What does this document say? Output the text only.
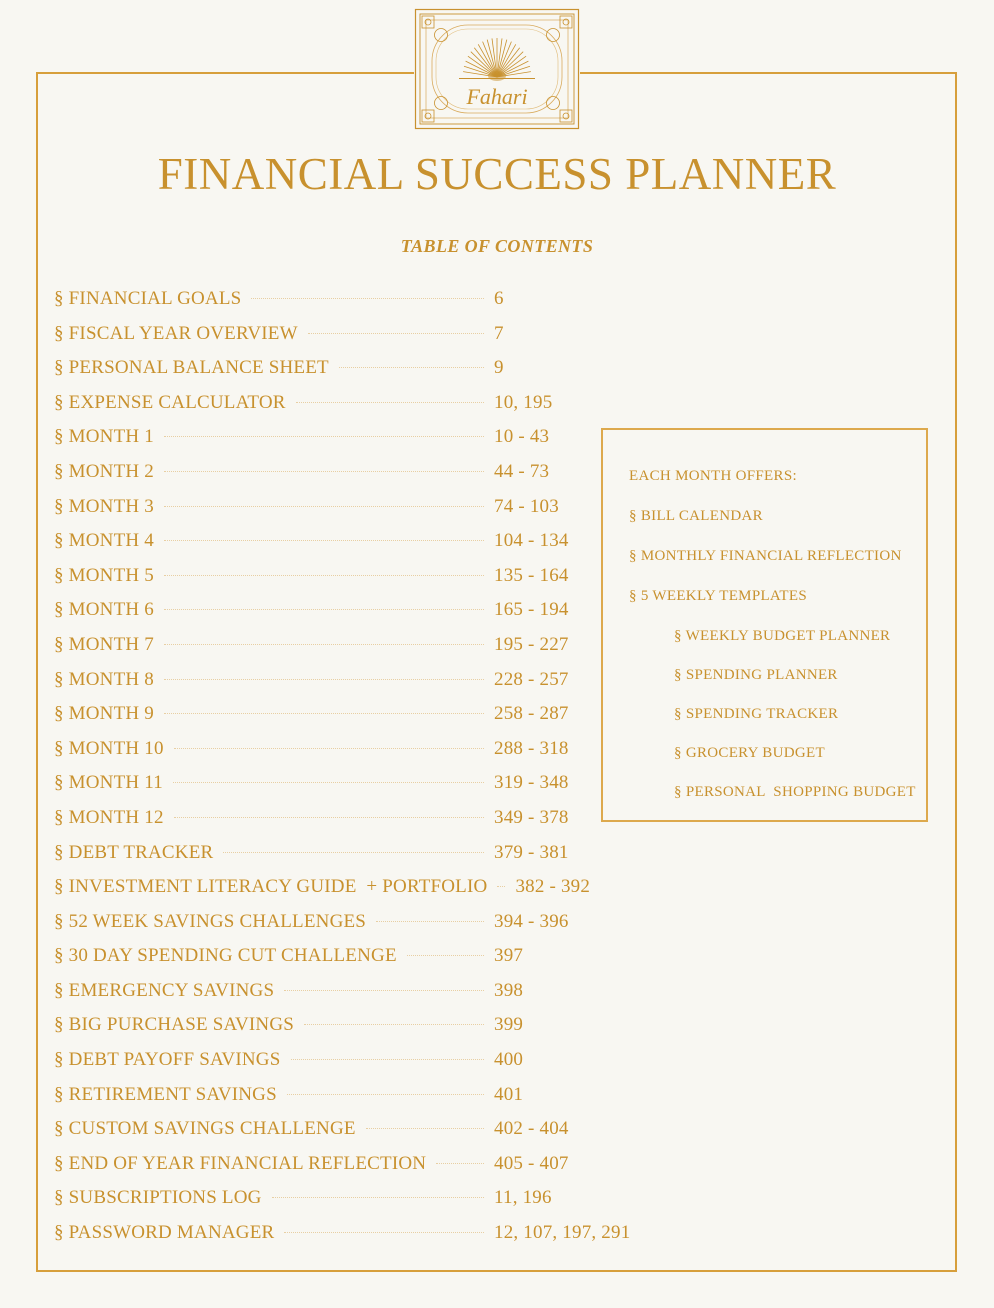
Fahari
FINANCIAL SUCCESS PLANNER
TABLE OF CONTENTS
§ FINANCIAL GOALS	6
§ FISCAL YEAR OVERVIEW	7
§ PERSONAL BALANCE SHEET	9
§ EXPENSE CALCULATOR	10, 195
§ MONTH 1	10 - 43
§ MONTH 2	44 - 73
§ MONTH 3	74 - 103
§ MONTH 4	104 - 134
§ MONTH 5	135 - 164
§ MONTH 6	165 - 194
§ MONTH 7	195 - 227
§ MONTH 8	228 - 257
§ MONTH 9	258 - 287
§ MONTH 10	288 - 318
§ MONTH 11	319 - 348
§ MONTH 12	349 - 378
§ DEBT TRACKER	379 - 381
§ INVESTMENT LITERACY GUIDE  + PORTFOLIO 382 - 392
§ 52 WEEK SAVINGS CHALLENGES	394 - 396
§ 30 DAY SPENDING CUT CHALLENGE	397
§ EMERGENCY SAVINGS	398
§ BIG PURCHASE SAVINGS	399
§ DEBT PAYOFF SAVINGS	400
§ RETIREMENT SAVINGS	401
§ CUSTOM SAVINGS CHALLENGE	402 - 404
§ END OF YEAR FINANCIAL REFLECTION	405 - 407
§ SUBSCRIPTIONS LOG	11, 196
§ PASSWORD MANAGER	12, 107, 197, 291
EACH MONTH OFFERS:
§ BILL CALENDAR
§ MONTHLY FINANCIAL REFLECTION
§ 5 WEEKLY TEMPLATES
§ WEEKLY BUDGET PLANNER
§ SPENDING PLANNER
§ SPENDING TRACKER
§ GROCERY BUDGET
§ PERSONAL  SHOPPING BUDGET
